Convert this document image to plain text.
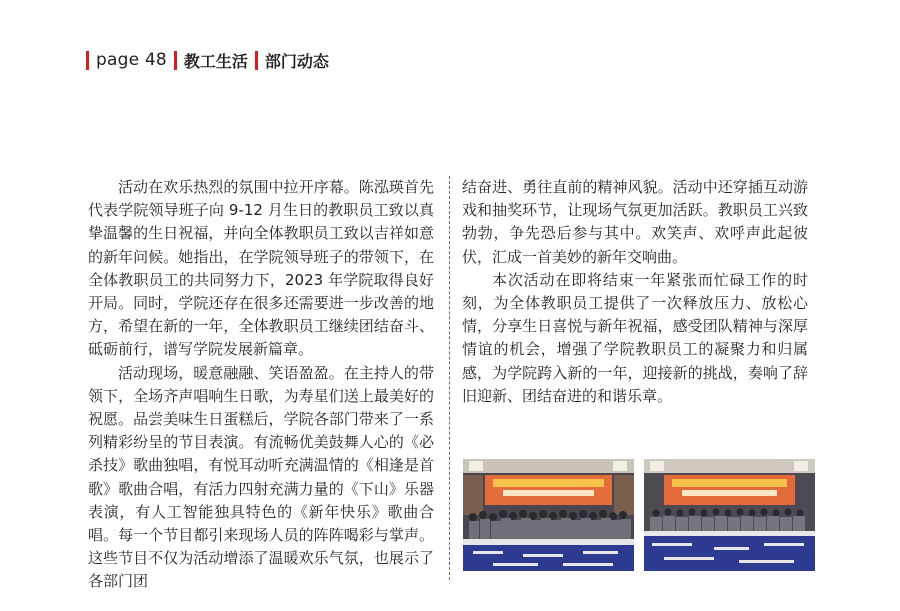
page 48 教工生活 部门动态

活动在欢乐热烈的氛围中拉开序幕。陈泓瑛首先代表学院领导班子向 9-12 月生日的教职员工致以真挚温馨的生日祝福，并向全体教职员工致以吉祥如意的新年问候。她指出，在学院领导班子的带领下，在全体教职员工的共同努力下，2023 年学院取得良好开局。同时，学院还存在很多还需要进一步改善的地方，希望在新的一年，全体教职员工继续团结奋斗、砥砺前行，谱写学院发展新篇章。

活动现场，暖意融融、笑语盈盈。在主持人的带领下，全场齐声唱响生日歌，为寿星们送上最美好的祝愿。品尝美味生日蛋糕后，学院各部门带来了一系列精彩纷呈的节目表演。有流畅优美鼓舞人心的《必杀技》歌曲独唱，有悦耳动听充满温情的《相逢是首歌》歌曲合唱，有活力四射充满力量的《下山》乐器表演，有人工智能独具特色的《新年快乐》歌曲合唱。每一个节目都引来现场人员的阵阵喝彩与掌声。这些节目不仅为活动增添了温暖欢乐气氛，也展示了各部门团

结奋进、勇往直前的精神风貌。活动中还穿插互动游戏和抽奖环节，让现场气氛更加活跃。教职员工兴致勃勃，争先恐后参与其中。欢笑声、欢呼声此起彼伏，汇成一首美妙的新年交响曲。

本次活动在即将结束一年紧张而忙碌工作的时刻，为全体教职员工提供了一次释放压力、放松心情，分享生日喜悦与新年祝福，感受团队精神与深厚情谊的机会，增强了学院教职员工的凝聚力和归属感，为学院跨入新的一年，迎接新的挑战，奏响了辞旧迎新、团结奋进的和谐乐章。
